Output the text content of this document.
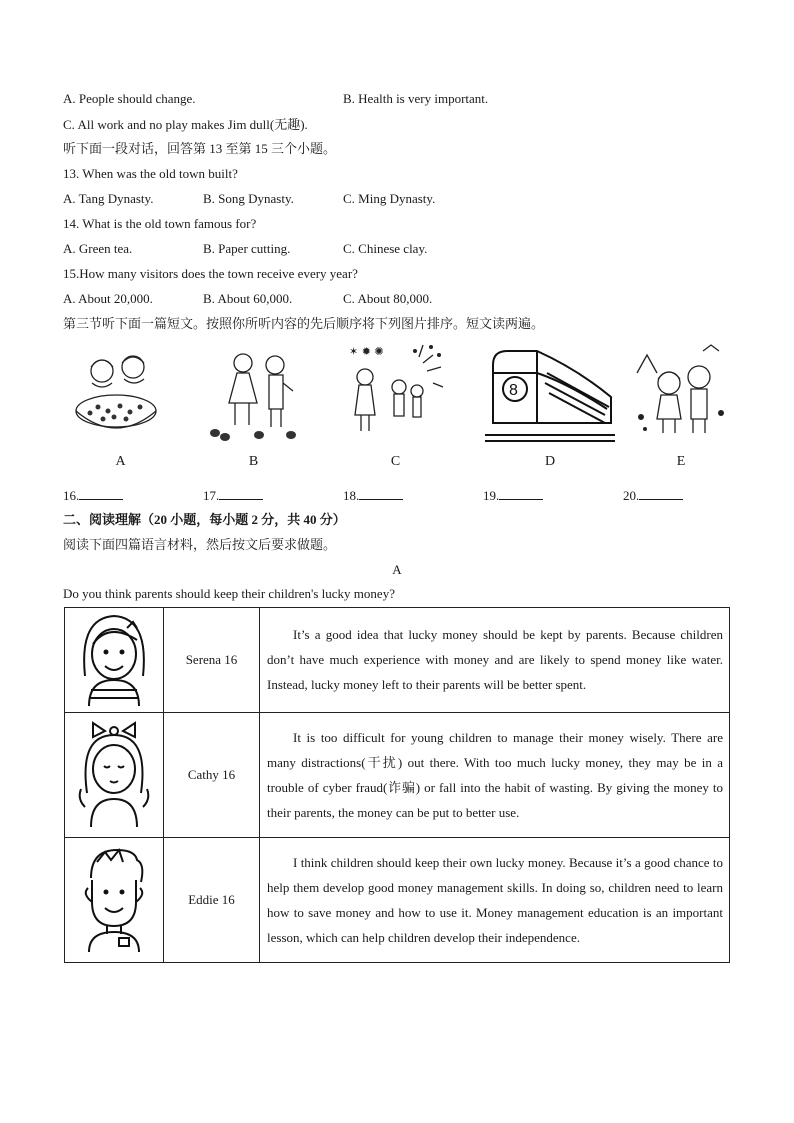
A. People should change.	B. Health is very important.
C. All work and no play makes Jim dull(无趣).
听下面一段对话，回答第 13 至第 15 三个小题。
13. When was the old town built?
A. Tang Dynasty.	B. Song Dynasty.	C. Ming Dynasty.
14. What is the old town famous for?
A. Green tea.	B. Paper cutting.	C. Chinese clay.
15.How many visitors does the town receive every year?
A. About 20,000.	B. About 60,000.	C. About 80,000.
第三节听下面一篇短文。按照你所听内容的先后顺序将下列图片排序。短文读两遍。
A	B
✶ ✹ ✺
C
8
D	E
16.	17.	18.	19.	20.
二、阅读理解（20 小题，每小题 2 分，共 40 分）
阅读下面四篇语言材料，然后按文后要求做题。
A
Do you think parents should keep their children's lucky money?
	Serena 16	It’s a good idea that lucky money should be kept by parents. Because children don’t have much experience with money and are likely to spend money like water. Instead, lucky money left to their parents will be better spent.
	Cathy 16	It is too difficult for young children to manage their money wisely. There are many distractions(干扰) out there. With too much lucky money, they may be in a trouble of cyber fraud(诈骗) or fall into the habit of wasting. By giving the money to their parents, the money can be put to better use.
	Eddie 16	I think children should keep their own lucky money. Because it’s a good chance to help them develop good money management skills. In doing so, children need to learn how to save money and how to use it. Money management education is an important lesson, which can help children develop their independence.
